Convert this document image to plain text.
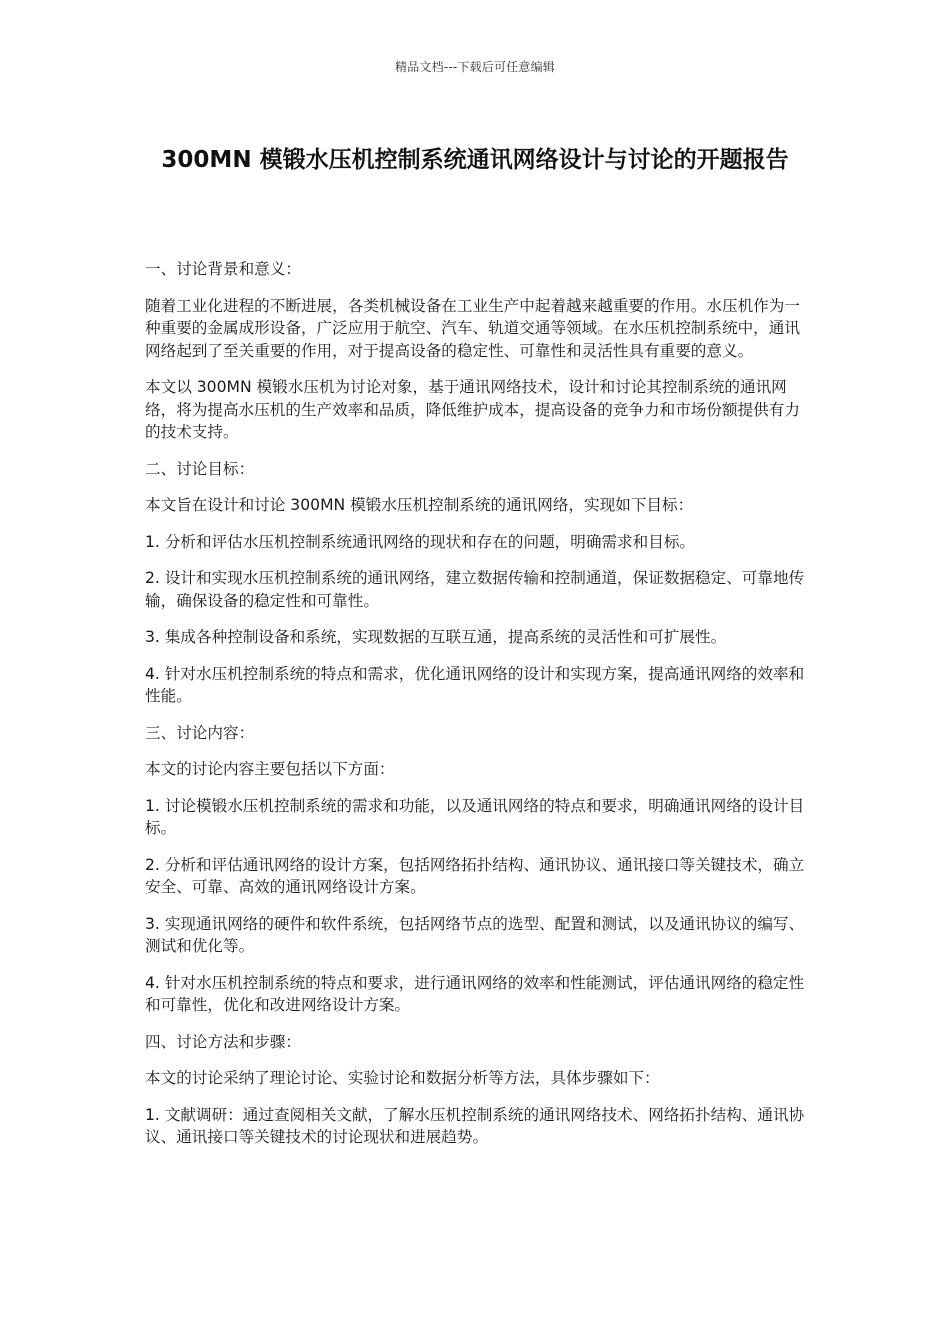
精品文档---下载后可任意编辑
300MN 模锻水压机控制系统通讯网络设计与讨论的开题报告

一、讨论背景和意义：

随着工业化进程的不断进展，各类机械设备在工业生产中起着越来越重要的作用。水压机作为一种重要的金属成形设备，广泛应用于航空、汽车、轨道交通等领域。在水压机控制系统中，通讯网络起到了至关重要的作用，对于提高设备的稳定性、可靠性和灵活性具有重要的意义。

本文以 300MN 模锻水压机为讨论对象，基于通讯网络技术，设计和讨论其控制系统的通讯网络，将为提高水压机的生产效率和品质，降低维护成本，提高设备的竞争力和市场份额提供有力的技术支持。

二、讨论目标：

本文旨在设计和讨论 300MN 模锻水压机控制系统的通讯网络，实现如下目标：

1. 分析和评估水压机控制系统通讯网络的现状和存在的问题，明确需求和目标。

2. 设计和实现水压机控制系统的通讯网络，建立数据传输和控制通道，保证数据稳定、可靠地传输，确保设备的稳定性和可靠性。

3. 集成各种控制设备和系统，实现数据的互联互通，提高系统的灵活性和可扩展性。

4. 针对水压机控制系统的特点和需求，优化通讯网络的设计和实现方案，提高通讯网络的效率和性能。

三、讨论内容：

本文的讨论内容主要包括以下方面：

1. 讨论模锻水压机控制系统的需求和功能，以及通讯网络的特点和要求，明确通讯网络的设计目标。

2. 分析和评估通讯网络的设计方案，包括网络拓扑结构、通讯协议、通讯接口等关键技术，确立安全、可靠、高效的通讯网络设计方案。

3. 实现通讯网络的硬件和软件系统，包括网络节点的选型、配置和测试，以及通讯协议的编写、测试和优化等。

4. 针对水压机控制系统的特点和要求，进行通讯网络的效率和性能测试，评估通讯网络的稳定性和可靠性，优化和改进网络设计方案。

四、讨论方法和步骤：

本文的讨论采纳了理论讨论、实验讨论和数据分析等方法，具体步骤如下：

1. 文献调研：通过查阅相关文献，了解水压机控制系统的通讯网络技术、网络拓扑结构、通讯协议、通讯接口等关键技术的讨论现状和进展趋势。
